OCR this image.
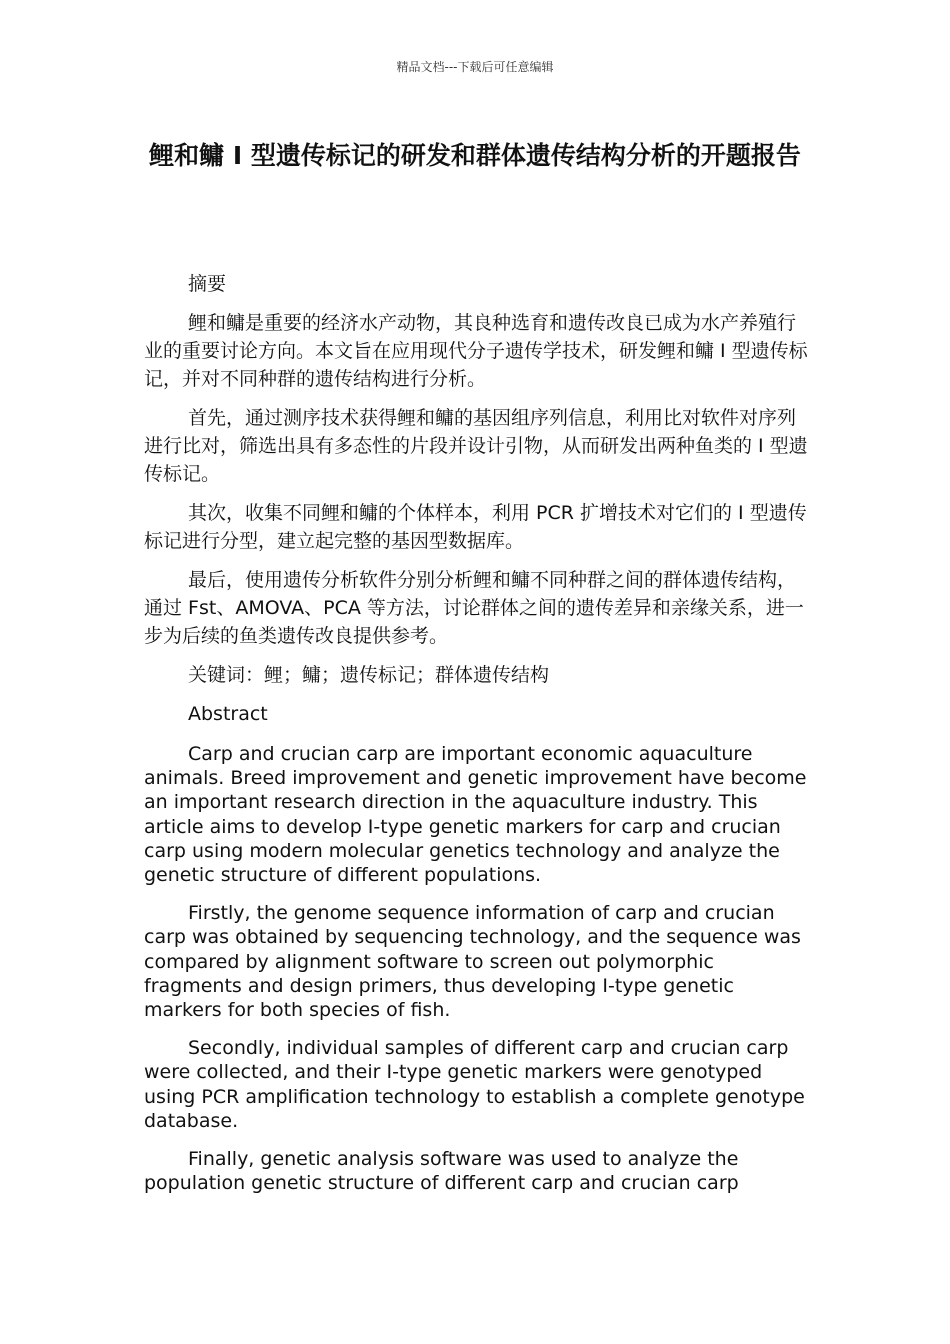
精品文档---下载后可任意编辑
鲤和鳙 I 型遗传标记的研发和群体遗传结构分析的开题报告

摘要

鲤和鳙是重要的经济水产动物，其良种选育和遗传改良已成为水产养殖行业的重要讨论方向。本文旨在应用现代分子遗传学技术，研发鲤和鳙 I 型遗传标记，并对不同种群的遗传结构进行分析。

首先，通过测序技术获得鲤和鳙的基因组序列信息，利用比对软件对序列进行比对，筛选出具有多态性的片段并设计引物，从而研发出两种鱼类的 I 型遗传标记。

其次，收集不同鲤和鳙的个体样本，利用 PCR 扩增技术对它们的 I 型遗传标记进行分型，建立起完整的基因型数据库。

最后，使用遗传分析软件分别分析鲤和鳙不同种群之间的群体遗传结构，通过 Fst、AMOVA、PCA 等方法，讨论群体之间的遗传差异和亲缘关系，进一步为后续的鱼类遗传改良提供参考。

关键词：鲤；鳙；遗传标记；群体遗传结构

Abstract

Carp and crucian carp are important economic aquaculture animals. Breed improvement and genetic improvement have become an important research direction in the aquaculture industry. This article aims to develop I-type genetic markers for carp and crucian carp using modern molecular genetics technology and analyze the genetic structure of different populations.

Firstly, the genome sequence information of carp and crucian carp was obtained by sequencing technology, and the sequence was compared by alignment software to screen out polymorphic fragments and design primers, thus developing I-type genetic markers for both species of fish.

Secondly, individual samples of different carp and crucian carp were collected, and their I-type genetic markers were genotyped using PCR amplification technology to establish a complete genotype database.

Finally, genetic analysis software was used to analyze the population genetic structure of different carp and crucian carp
